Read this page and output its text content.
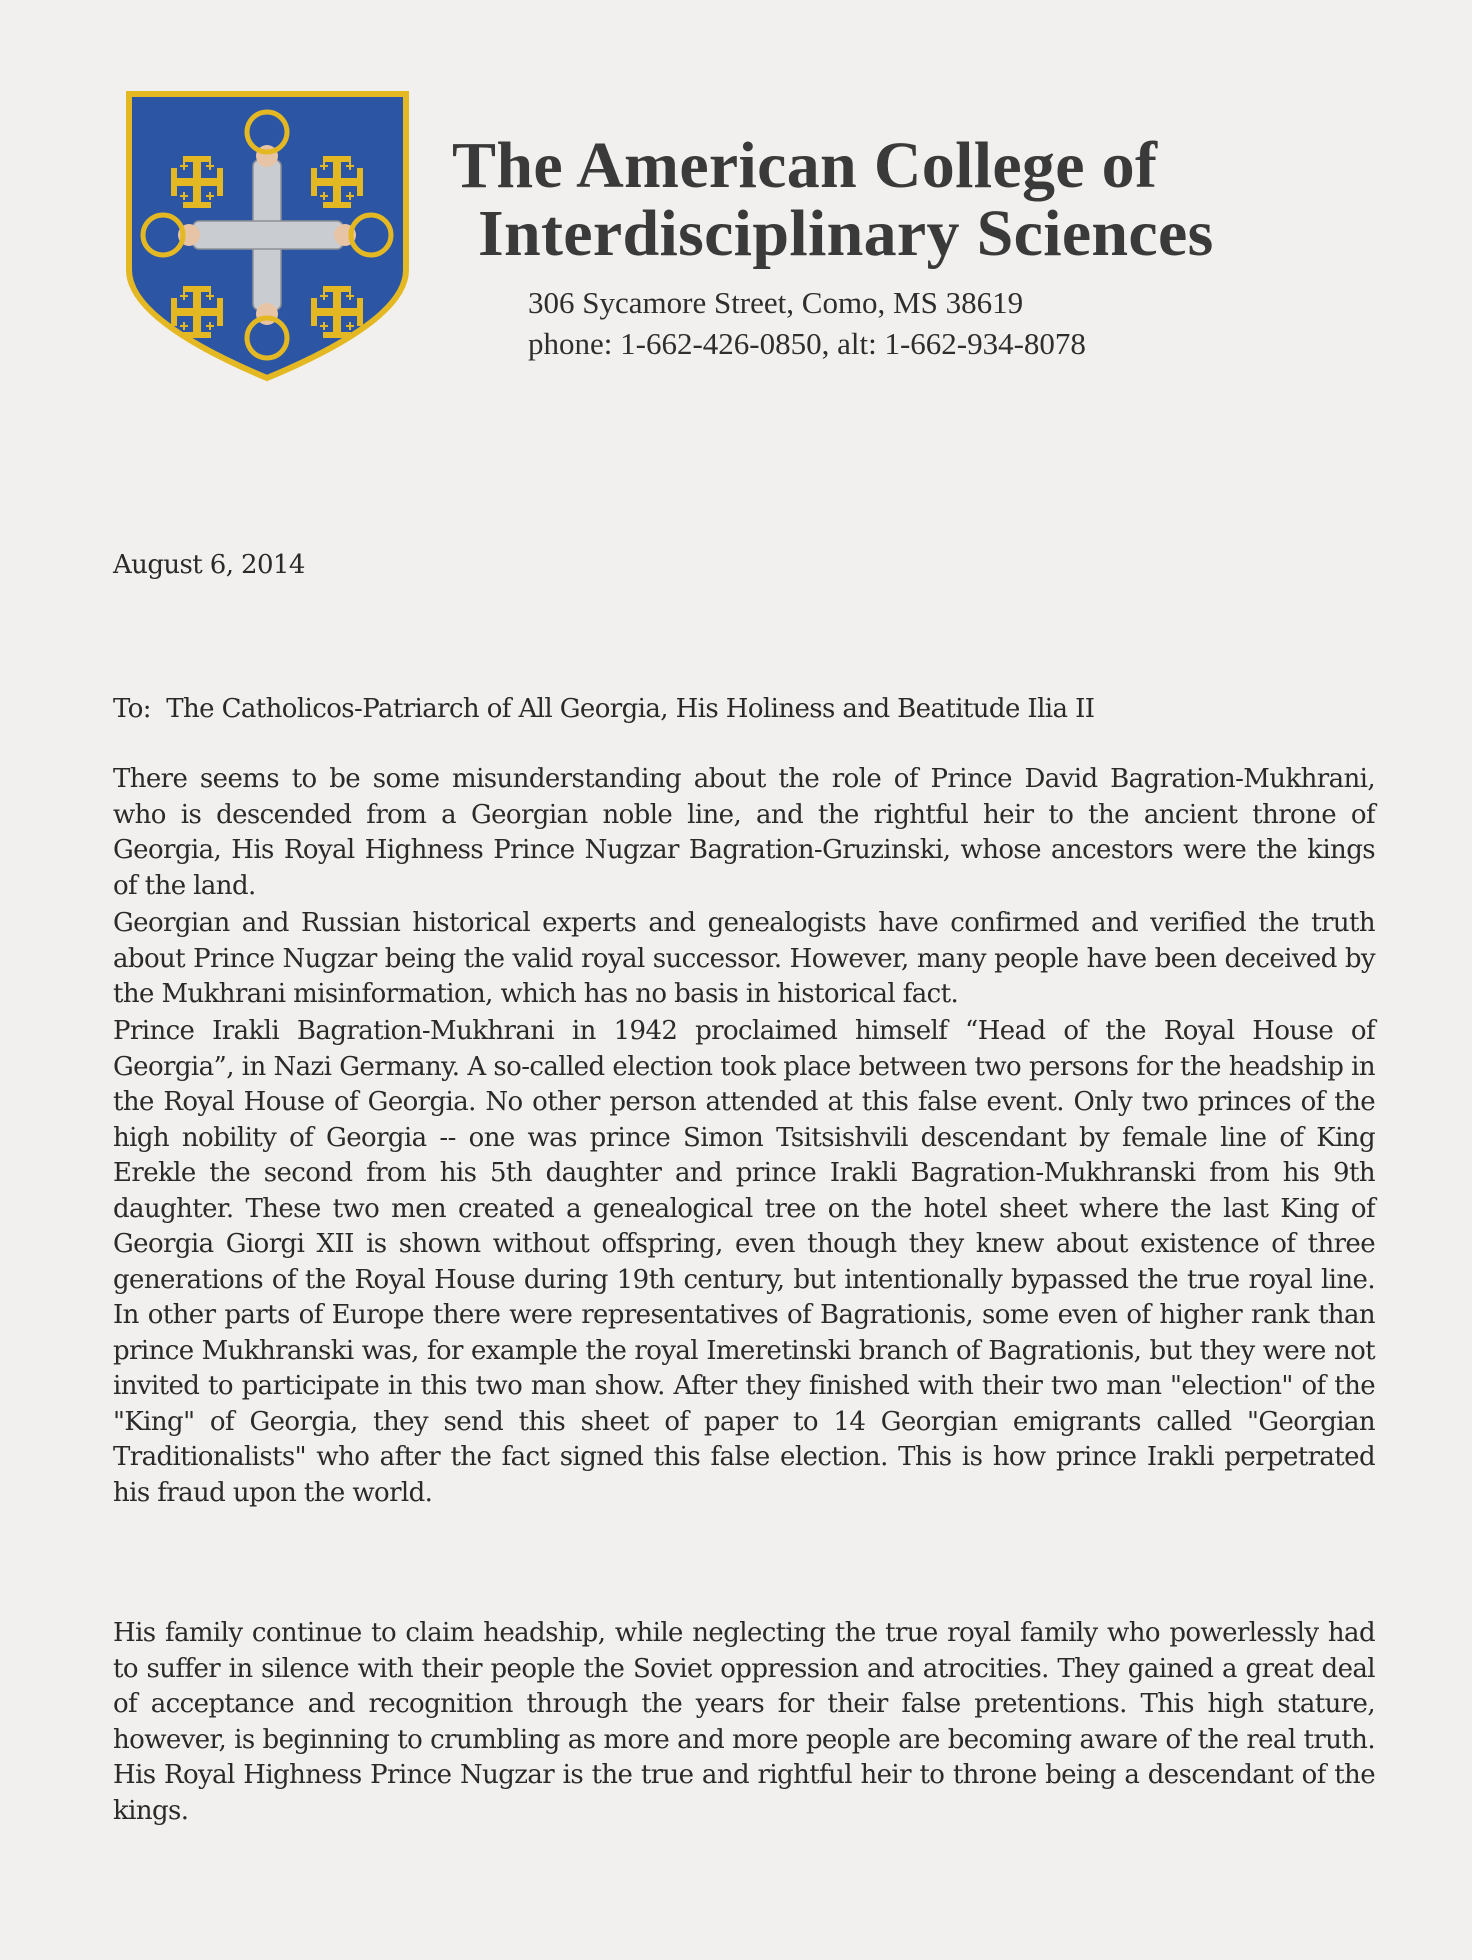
The American College of
Interdisciplinary Sciences
306 Sycamore Street, Como, MS 38619
phone: 1-662-426-0850, alt: 1-662-934-8078
August 6, 2014
To:  The Catholicos-Patriarch of All Georgia, His Holiness and Beatitude Ilia II

There seems to be some misunderstanding about the role of Prince David Bagration-Mukhrani, who is descended from a Georgian noble line, and the rightful heir to the ancient throne of Georgia, His Royal Highness Prince Nugzar Bagration-Gruzinski, whose ancestors were the kings of the land.

Georgian and Russian historical experts and genealogists have confirmed and verified the truth about Prince Nugzar being the valid royal successor. However, many people have been deceived by the Mukhrani misinformation, which has no basis in historical fact.

Prince Irakli Bagration-Mukhrani in 1942 proclaimed himself “Head of the Royal House of Georgia”, in Nazi Germany. A so-called election took place between two persons for the headship in the Royal House of Georgia. No other person attended at this false event. Only two princes of the high nobility of Georgia -- one was prince Simon Tsitsishvili descendant by female line of King Erekle the second from his 5th daughter and prince Irakli Bagration-Mukhranski from his 9th daughter. These two men created a genealogical tree on the hotel sheet where the last King of Georgia Giorgi XII is shown without offspring, even though they knew about existence of three generations of the Royal House during 19th century, but intentionally bypassed the true royal line. In other parts of Europe there were representatives of Bagrationis, some even of higher rank than prince Mukhranski was, for example the royal Imeretinski branch of Bagrationis, but they were not invited to participate in this two man show. After they finished with their two man "election" of the "King" of Georgia, they send this sheet of paper to 14 Georgian emigrants called "Georgian Traditionalists" who after the fact signed this false election. This is how prince Irakli perpetrated his fraud upon the world.

His family continue to claim headship, while neglecting the true royal family who powerlessly had to suffer in silence with their people the Soviet oppression and atrocities. They gained a great deal of acceptance and recognition through the years for their false pretentions. This high stature, however, is beginning to crumbling as more and more people are becoming aware of the real truth. His Royal Highness Prince Nugzar is the true and rightful heir to throne being a descendant of the kings.
